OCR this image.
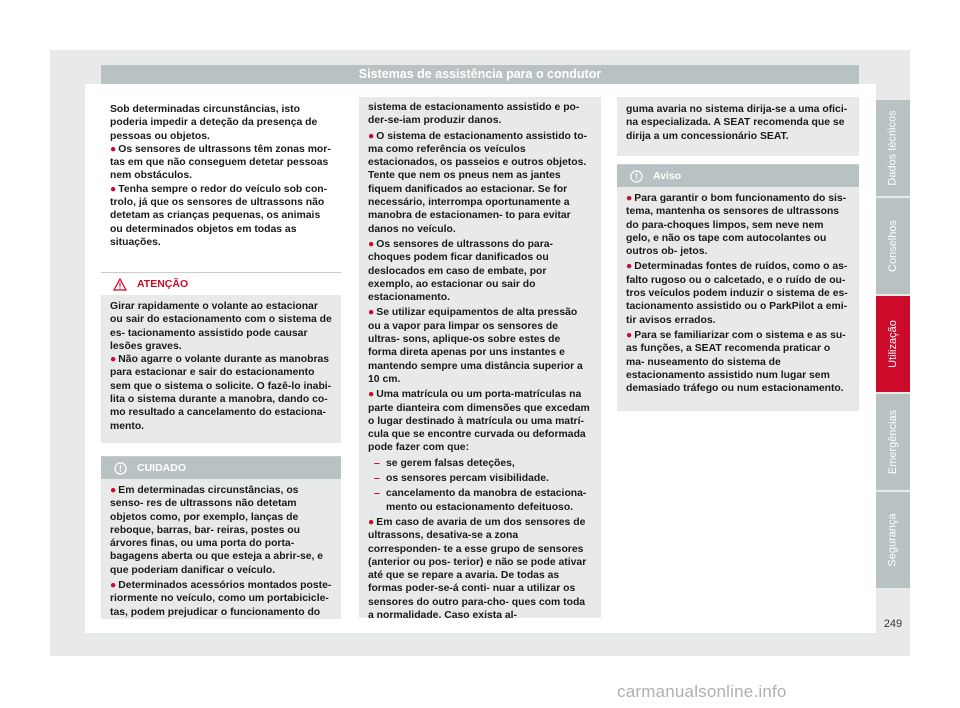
Sistemas de assistência para o condutor

Sob determinadas circunstâncias, isto poderia impedir a deteção da presença de pessoas ou objetos.

● Os sensores de ultrassons têm zonas mor- tas em que não conseguem detetar pessoas nem obstáculos.

● Tenha sempre o redor do veículo sob con- trolo, já que os sensores de ultrassons não detetam as crianças pequenas, os animais ou determinados objetos em todas as situações.

ATENÇÃO

Girar rapidamente o volante ao estacionar ou sair do estacionamento com o sistema de es- tacionamento assistido pode causar lesões graves.

● Não agarre o volante durante as manobras para estacionar e sair do estacionamento sem que o sistema o solicite. O fazê-lo inabi- lita o sistema durante a manobra, dando co- mo resultado a cancelamento do estaciona- mento.

CUIDADO

● Em determinadas circunstâncias, os senso- res de ultrassons não detetam objetos como, por exemplo, lanças de reboque, barras, bar- reiras, postes ou árvores finas, ou uma porta do porta-bagagens aberta ou que esteja a abrir-se, e que poderiam danificar o veículo.

● Determinados acessórios montados poste- riormente no veículo, como um portabicicle- tas, podem prejudicar o funcionamento do

sistema de estacionamento assistido e po- der-se-iam produzir danos.

● O sistema de estacionamento assistido to- ma como referência os veículos estacionados, os passeios e outros objetos. Tente que nem os pneus nem as jantes fiquem danificados ao estacionar. Se for necessário, interrompa oportunamente a manobra de estacionamen- to para evitar danos no veículo.

● Os sensores de ultrassons do para-choques podem ficar danificados ou deslocados em caso de embate, por exemplo, ao estacionar ou sair do estacionamento.

● Se utilizar equipamentos de alta pressão ou a vapor para limpar os sensores de ultras- sons, aplique-os sobre estes de forma direta apenas por uns instantes e mantendo sempre uma distância superior a 10 cm.

● Uma matrícula ou um porta-matrículas na parte dianteira com dimensões que excedam o lugar destinado à matrícula ou uma matrí- cula que se encontre curvada ou deformada pode fazer com que:

– se gerem falsas deteções,

– os sensores percam visibilidade.

– cancelamento da manobra de estaciona- mento ou estacionamento defeituoso.

● Em caso de avaria de um dos sensores de ultrassons, desativa-se a zona corresponden- te a esse grupo de sensores (anterior ou pos- terior) e não se pode ativar até que se repare a avaria. De todas as formas poder-se-á conti- nuar a utilizar os sensores do outro para-cho- ques com toda a normalidade. Caso exista al-

guma avaria no sistema dirija-se a uma ofici- na especializada. A SEAT recomenda que se dirija a um concessionário SEAT.

Aviso

● Para garantir o bom funcionamento do sis- tema, mantenha os sensores de ultrassons do para-choques limpos, sem neve nem gelo, e não os tape com autocolantes ou outros ob- jetos.

● Determinadas fontes de ruídos, como o as- falto rugoso ou o calcetado, e o ruído de ou- tros veículos podem induzir o sistema de es- tacionamento assistido ou o ParkPilot a emi- tir avisos errados.

● Para se familiarizar com o sistema e as su- as funções, a SEAT recomenda praticar o ma- nuseamento do sistema de estacionamento assistido num lugar sem demasiado tráfego ou num estacionamento.

Dados técnicos
Conselhos
Utilização
Emergências
Segurança
249
carmanualsonline.info
